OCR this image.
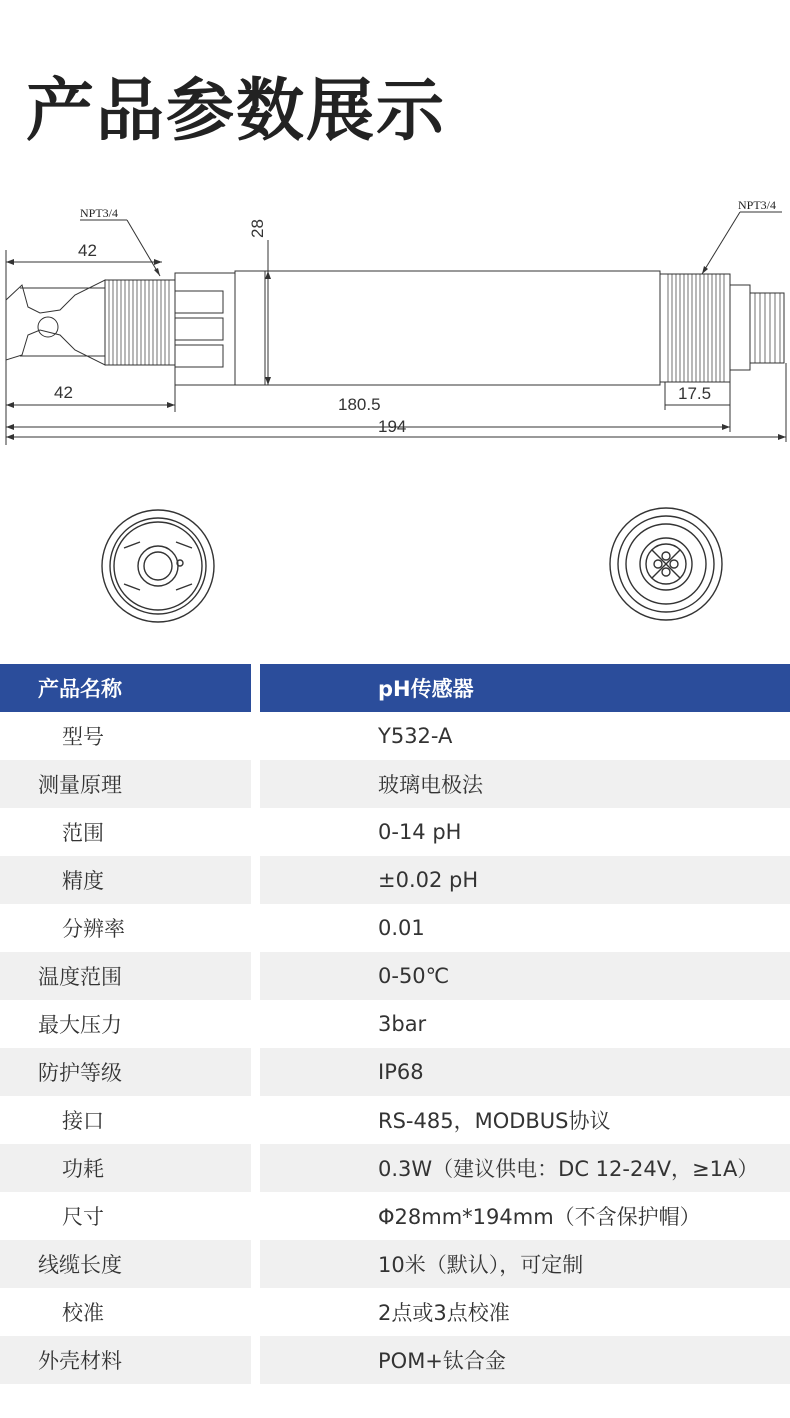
产品参数展示
NPT3/4
NPT3/4
42
28
42
180.5
17.5
194
产品名称		pH传感器
型号		Y532-A
测量原理		玻璃电极法
范围		0-14 pH
精度		±0.02 pH
分辨率		0.01
温度范围		0-50℃
最大压力		3bar
防护等级		IP68
接口		RS-485，MODBUS协议
功耗		0.3W（建议供电：DC 12-24V，≥1A）
尺寸		Φ28mm*194mm（不含保护帽）
线缆长度		10米（默认），可定制
校准		2点或3点校准
外壳材料		POM+钛合金
